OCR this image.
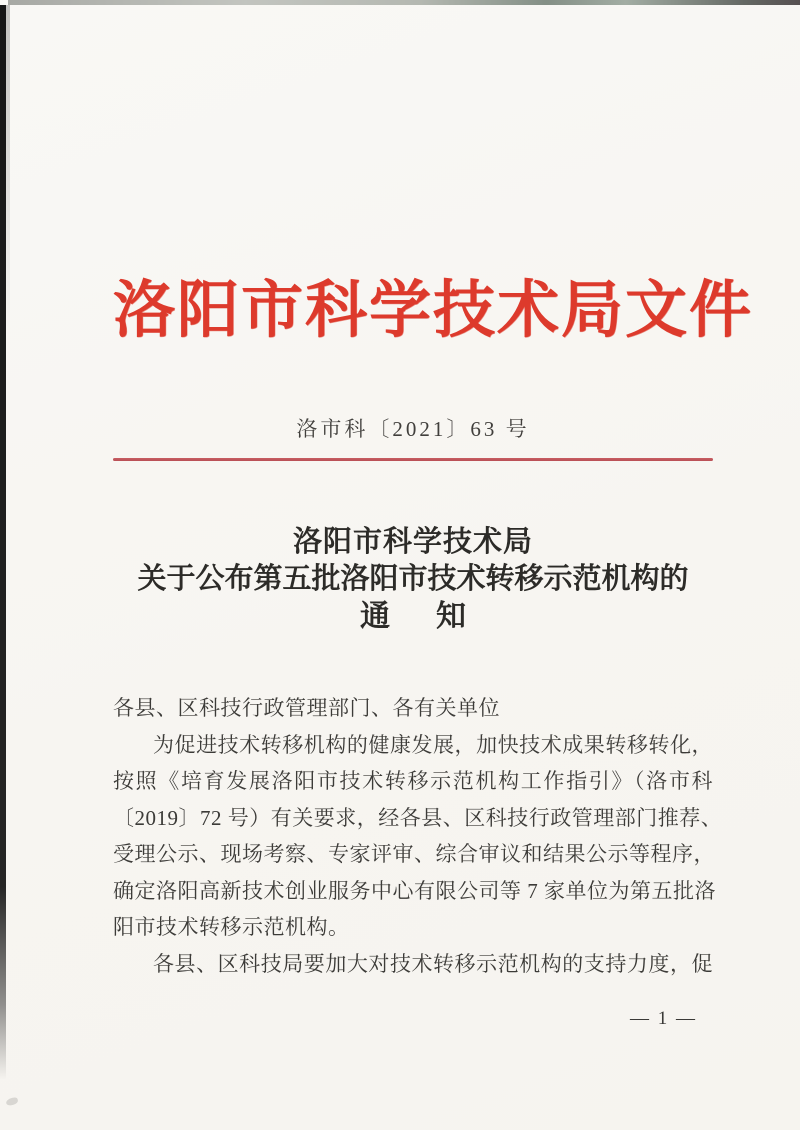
洛阳市科学技术局文件
洛市科〔2021〕63 号
洛阳市科学技术局
关于公布第五批洛阳市技术转移示范机构的
通 知
各县、区科技行政管理部门、各有关单位
为促进技术转移机构的健康发展，加快技术成果转移转化，
按照《培育发展洛阳市技术转移示范机构工作指引》（洛市科
〔2019〕72 号）有关要求，经各县、区科技行政管理部门推荐、
受理公示、现场考察、专家评审、综合审议和结果公示等程序，
确定洛阳高新技术创业服务中心有限公司等 7 家单位为第五批洛
阳市技术转移示范机构。
各县、区科技局要加大对技术转移示范机构的支持力度，促
— 1 —
